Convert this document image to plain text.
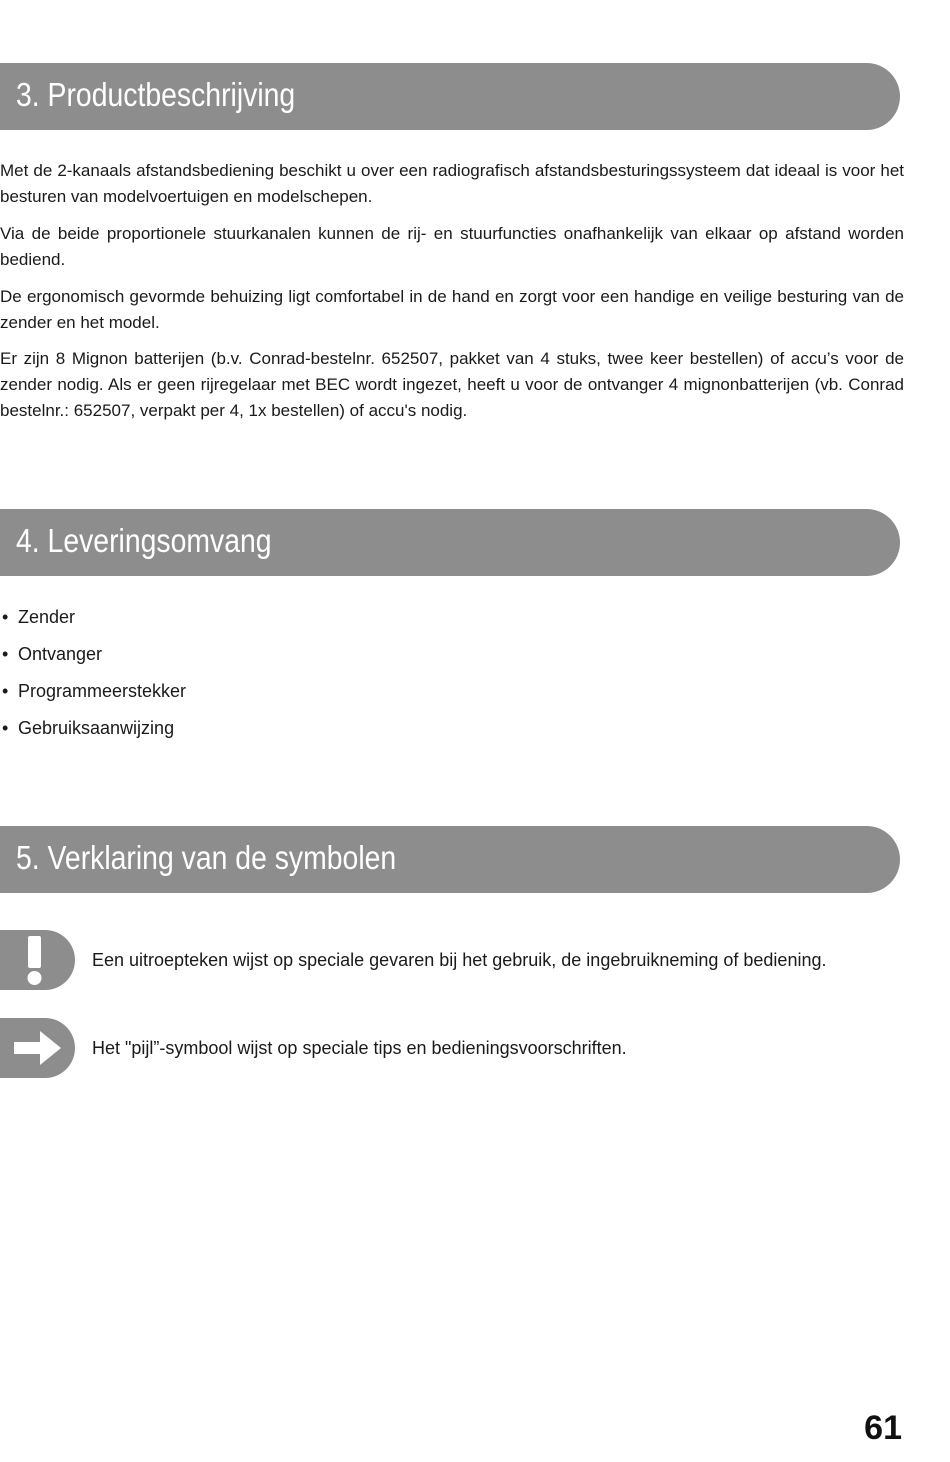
3. Productbeschrijving

Met de 2-kanaals afstandsbediening beschikt u over een radiografisch afstandsbesturingssysteem dat ideaal is voor het besturen van modelvoertuigen en modelschepen.

Via de beide proportionele stuurkanalen kunnen de rij- en stuurfuncties onafhankelijk van elkaar op afstand worden bediend.

De ergonomisch gevormde behuizing ligt comfortabel in de hand en zorgt voor een handige en veilige besturing van de zender en het model.

Er zijn 8 Mignon batterijen (b.v. Conrad-bestelnr. 652507, pakket van 4 stuks, twee keer bestellen) of accu’s voor de zender nodig. Als er geen rijregelaar met BEC wordt ingezet, heeft u voor de ontvanger 4 mignonbatterijen (vb. Conrad bestelnr.: 652507, verpakt per 4, 1x bestellen) of accu's nodig.

4. Leveringsomvang
• Zender
• Ontvanger
• Programmeerstekker
• Gebruiksaanwijzing
5. Verklaring van de symbolen
Een uitroepteken wijst op speciale gevaren bij het gebruik, de ingebruikneming of bediening.
Het "pijl”-symbool wijst op speciale tips en bedieningsvoorschriften.
61
